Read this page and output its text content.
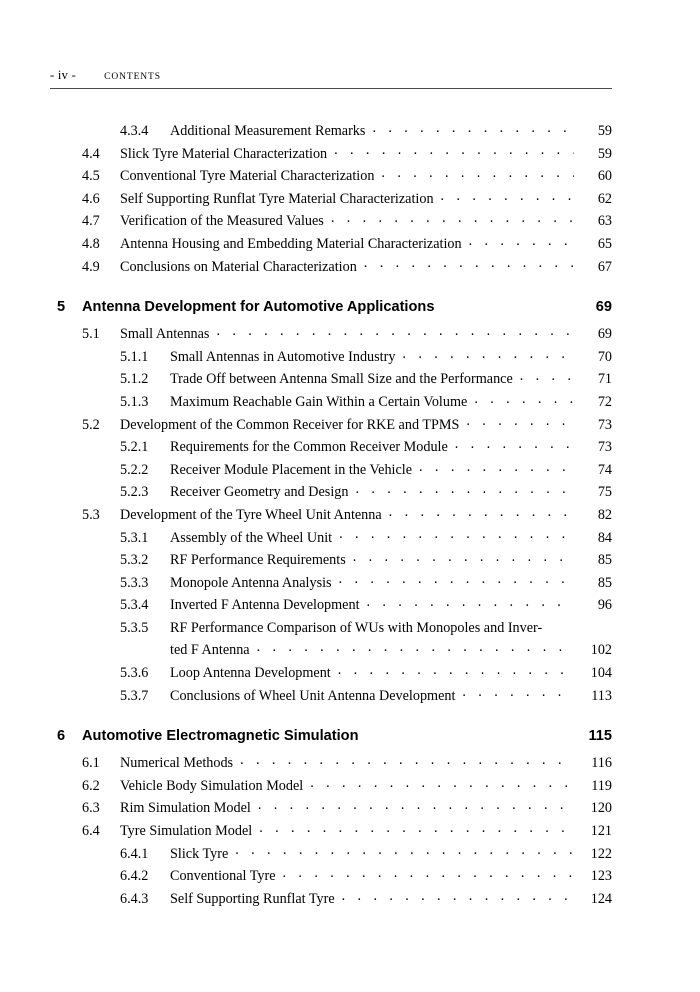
- iv -	CONTENTS
4.3.4	Additional Measurement Remarks . . .	59
4.4	Slick Tyre Material Characterization . . .	59
4.5	Conventional Tyre Material Characterization . . .	60
4.6	Self Supporting Runflat Tyre Material Characterization . . .	62
4.7	Verification of the Measured Values . . .	63
4.8	Antenna Housing and Embedding Material Characterization . . .	65
4.9	Conclusions on Material Characterization . . .	67
5	Antenna Development for Automotive Applications	69
5.1	Small Antennas . . .	69
5.1.1	Small Antennas in Automotive Industry . . .	70
5.1.2	Trade Off between Antenna Small Size and the Performance . . .	71
5.1.3	Maximum Reachable Gain Within a Certain Volume . . .	72
5.2	Development of the Common Receiver for RKE and TPMS . . .	73
5.2.1	Requirements for the Common Receiver Module . . .	73
5.2.2	Receiver Module Placement in the Vehicle . . .	74
5.2.3	Receiver Geometry and Design . . .	75
5.3	Development of the Tyre Wheel Unit Antenna . . .	82
5.3.1	Assembly of the Wheel Unit . . .	84
5.3.2	RF Performance Requirements . . .	85
5.3.3	Monopole Antenna Analysis . . .	85
5.3.4	Inverted F Antenna Development . . .	96
5.3.5	RF Performance Comparison of WUs with Monopoles and Inver-
ted F Antenna . . .	102
5.3.6	Loop Antenna Development . . .	104
5.3.7	Conclusions of Wheel Unit Antenna Development . . .	113
6	Automotive Electromagnetic Simulation	115
6.1	Numerical Methods . . .	116
6.2	Vehicle Body Simulation Model . . .	119
6.3	Rim Simulation Model . . .	120
6.4	Tyre Simulation Model . . .	121
6.4.1	Slick Tyre . . .	122
6.4.2	Conventional Tyre . . .	123
6.4.3	Self Supporting Runflat Tyre . . .	124
